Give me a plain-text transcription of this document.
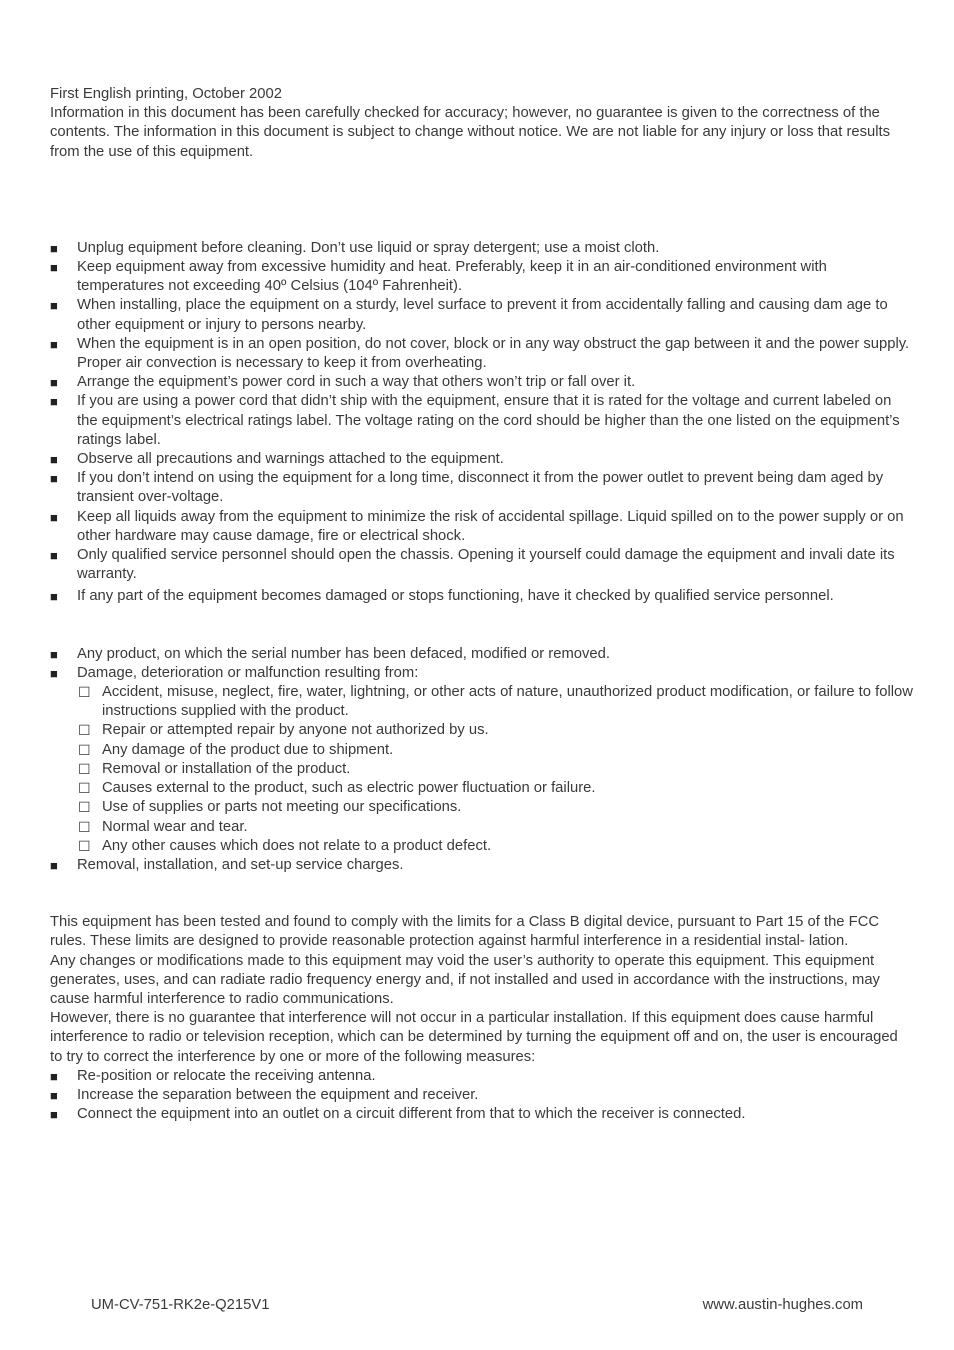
First English printing, October 2002

Information in this document has been carefully checked for accuracy; however, no guarantee is given to the correctness of the contents. The information in this document is subject to change without notice. We are not liable for any injury or loss that results from the use of this equipment.

■	Unplug equipment before cleaning. Don’t use liquid or spray detergent; use a moist cloth.
■	Keep equipment away from excessive humidity and heat. Preferably, keep it in an air-conditioned environment with temperatures not exceeding 40º Celsius (104º Fahrenheit).
■	When installing, place the equipment on a sturdy, level surface to prevent it from accidentally falling and causing dam age to other equipment or injury to persons nearby.
■	When the equipment is in an open position, do not cover, block or in any way obstruct the gap between it and the power supply. Proper air convection is necessary to keep it from overheating.
■	Arrange the equipment’s power cord in such a way that others won’t trip or fall over it.
■	If you are using a power cord that didn’t ship with the equipment, ensure that it is rated for the voltage and current labeled on the equipment’s electrical ratings label. The voltage rating on the cord should be higher than the one listed on the equipment’s ratings label.
■	Observe all precautions and warnings attached to the equipment.
■	If you don’t intend on using the equipment for a long time, disconnect it from the power outlet to prevent being dam aged by transient over-voltage.
■	Keep all liquids away from the equipment to minimize the risk of accidental spillage. Liquid spilled on to the power supply or on other hardware may cause damage, fire or electrical shock.
■	Only qualified service personnel should open the chassis. Opening it yourself could damage the equipment and invali date its warranty.
■	If any part of the equipment becomes damaged or stops functioning, have it checked by qualified service personnel.
■	Any product, on which the serial number has been defaced, modified or removed.
■	Damage, deterioration or malfunction resulting from:
☐ Accident, misuse, neglect, fire, water, lightning, or other acts of nature, unauthorized product modification, or failure to follow instructions supplied with the product.
☐ Repair or attempted repair by anyone not authorized by us.
☐ Any damage of the product due to shipment.
☐ Removal or installation of the product.
☐ Causes external to the product, such as electric power fluctuation or failure.
☐ Use of supplies or parts not meeting our specifications.
☐ Normal wear and tear.
☐ Any other causes which does not relate to a product defect.
■	Removal, installation, and set-up service charges.

This equipment has been tested and found to comply with the limits for a Class B digital device, pursuant to Part 15 of the FCC rules. These limits are designed to provide reasonable protection against harmful interference in a residential instal- lation.

Any changes or modifications made to this equipment may void the user’s authority to operate this equipment. This equipment generates, uses, and can radiate radio frequency energy and, if not installed and used in accordance with the instructions, may cause harmful interference to radio communications.

However, there is no guarantee that interference will not occur in a particular installation. If this equipment does cause harmful interference to radio or television reception, which can be determined by turning the equipment off and on, the user is encouraged to try to correct the interference by one or more of the following measures:

■	Re-position or relocate the receiving antenna.
■	Increase the separation between the equipment and receiver.
■	Connect the equipment into an outlet on a circuit different from that to which the receiver is connected.
UM-CV-751-RK2e-Q215V1	www.austin-hughes.com
